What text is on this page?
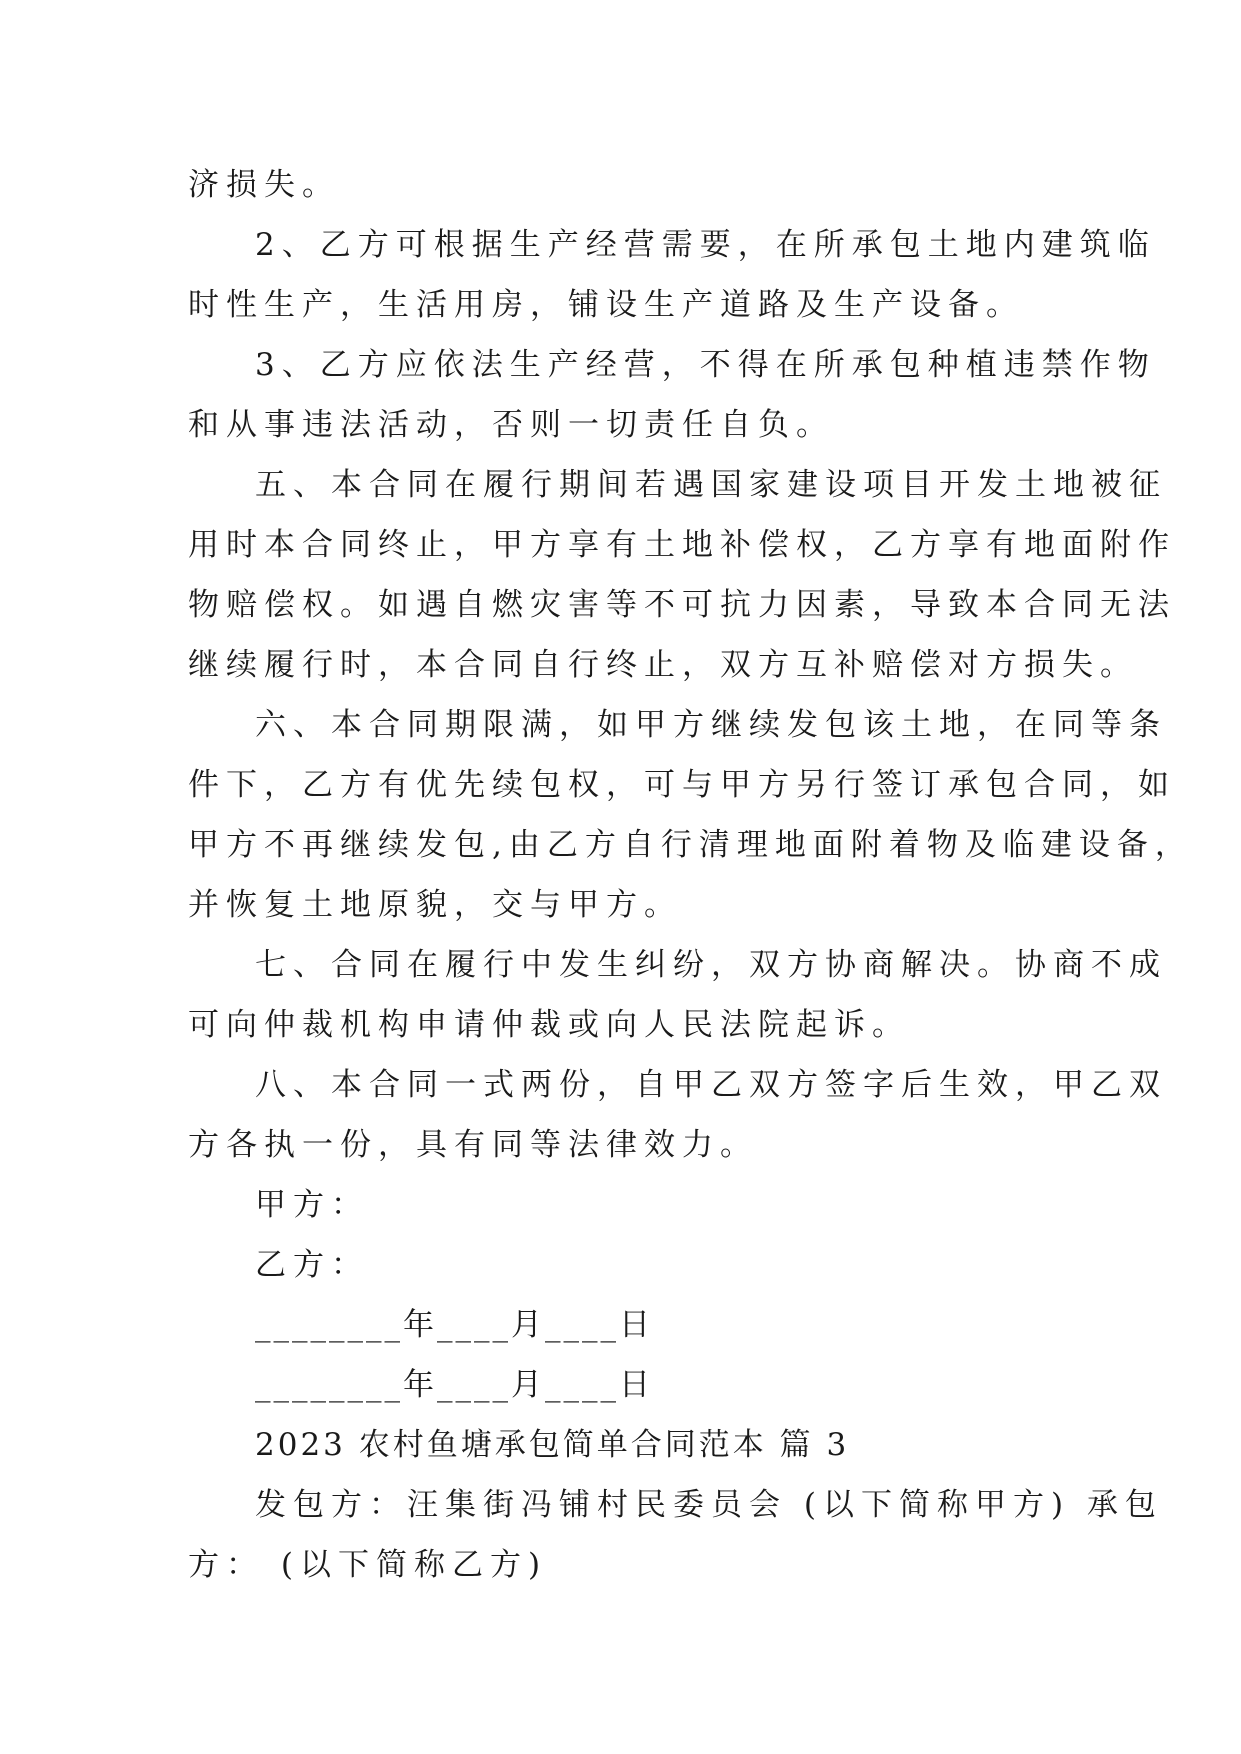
济损失。
2、乙方可根据生产经营需要，在所承包土地内建筑临
时性生产，生活用房，铺设生产道路及生产设备。
3、乙方应依法生产经营，不得在所承包种植违禁作物
和从事违法活动，否则一切责任自负。
五、本合同在履行期间若遇国家建设项目开发土地被征
用时本合同终止，甲方享有土地补偿权，乙方享有地面附作
物赔偿权。如遇自燃灾害等不可抗力因素，导致本合同无法
继续履行时，本合同自行终止，双方互补赔偿对方损失。
六、本合同期限满，如甲方继续发包该土地，在同等条
件下，乙方有优先续包权，可与甲方另行签订承包合同，如
甲方不再继续发包,由乙方自行清理地面附着物及临建设备，
并恢复土地原貌，交与甲方。
七、合同在履行中发生纠纷，双方协商解决。协商不成
可向仲裁机构申请仲裁或向人民法院起诉。
八、本合同一式两份，自甲乙双方签字后生效，甲乙双
方各执一份，具有同等法律效力。
甲方：
乙方：
________年____月____日
________年____月____日
2023 农村鱼塘承包简单合同范本 篇 3
发包方：汪集街冯铺村民委员会 (以下简称甲方) 承包
方： (以下简称乙方)
